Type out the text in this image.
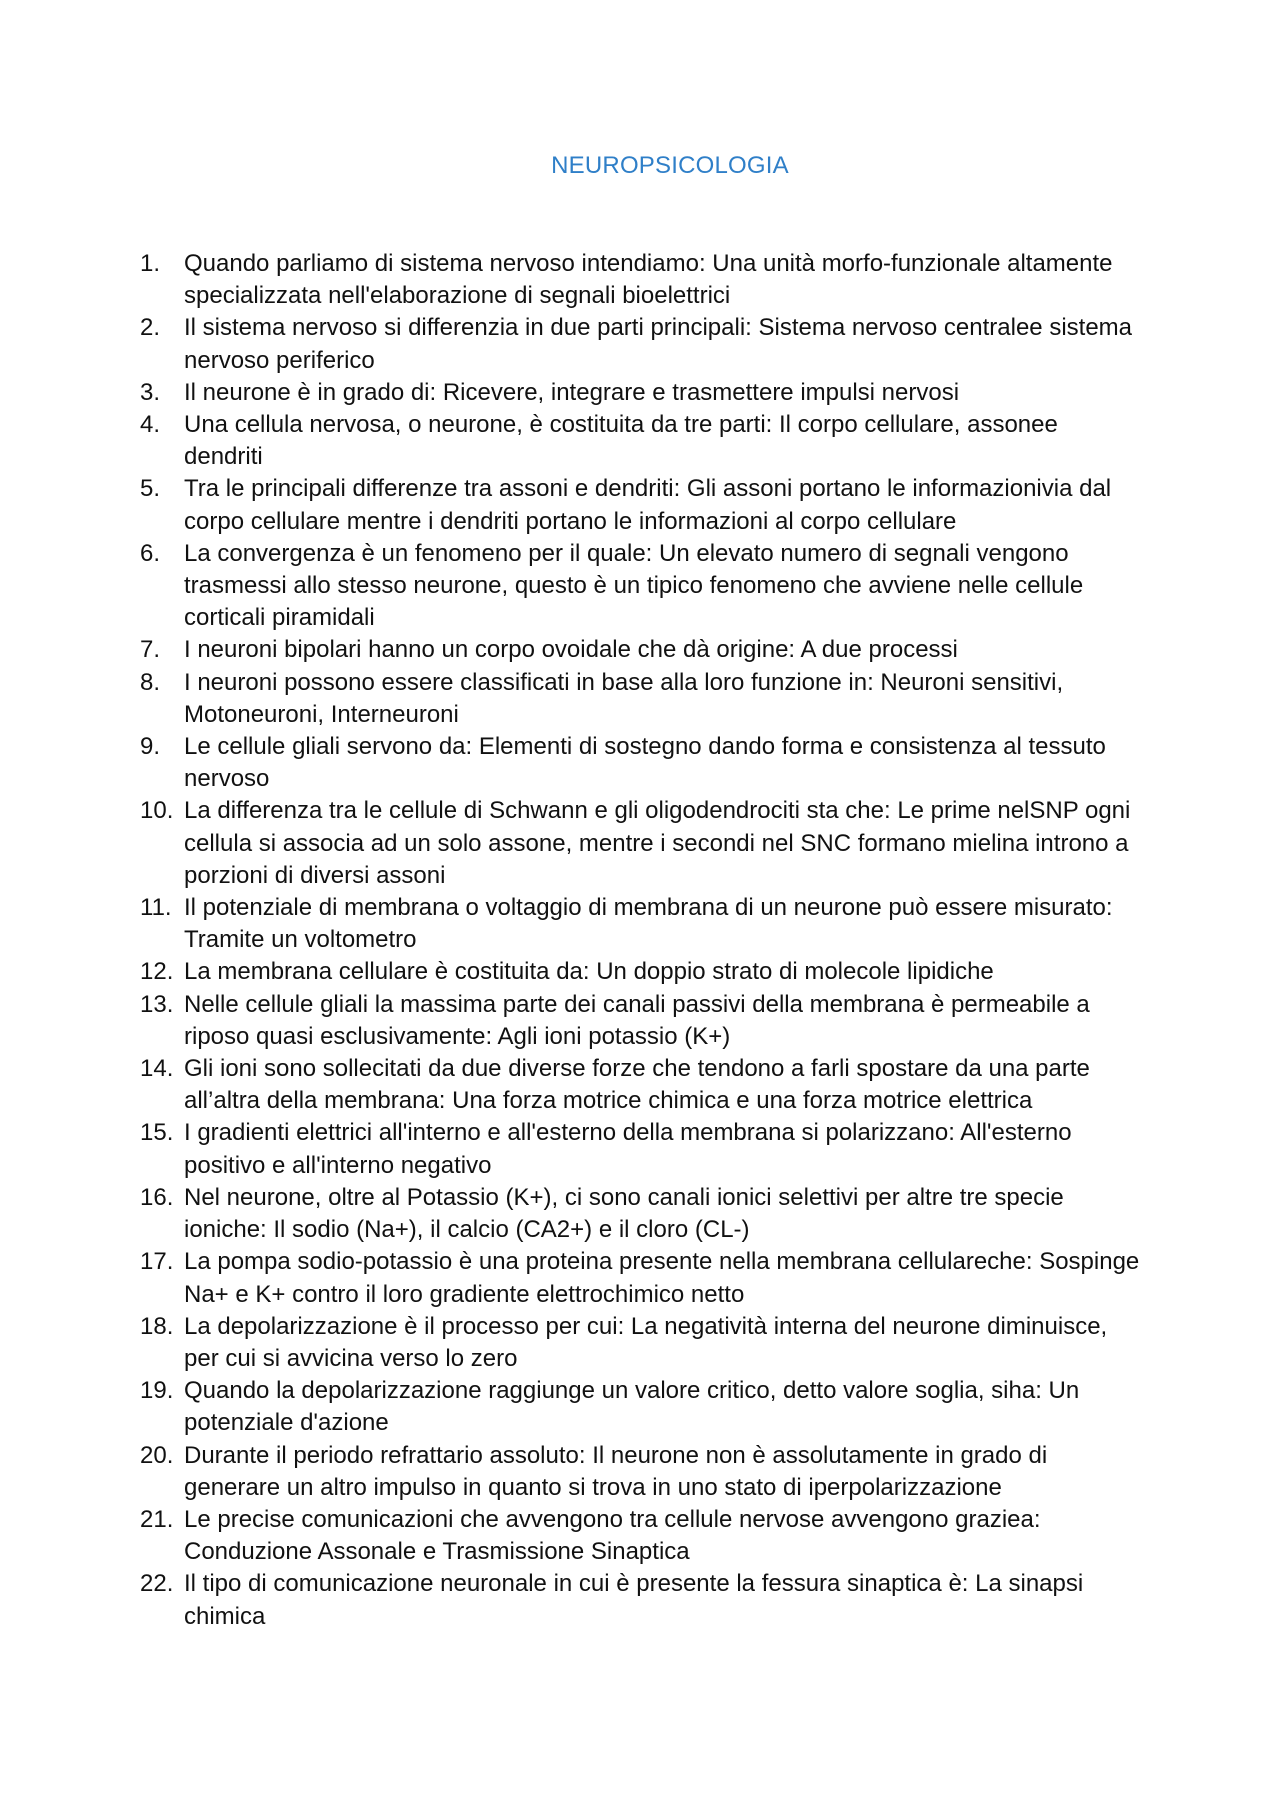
NEUROPSICOLOGIA
1. Quando parliamo di sistema nervoso intendiamo: Una unità morfo-funzionale altamente specializzata nell'elaborazione di segnali bioelettrici
2. Il sistema nervoso si differenzia in due parti principali: Sistema nervoso centralee sistema nervoso periferico
3. Il neurone è in grado di: Ricevere, integrare e trasmettere impulsi nervosi
4. Una cellula nervosa, o neurone, è costituita da tre parti: Il corpo cellulare, assonee dendriti
5. Tra le principali differenze tra assoni e dendriti: Gli assoni portano le informazionivia dal corpo cellulare mentre i dendriti portano le informazioni al corpo cellulare
6. La convergenza è un fenomeno per il quale: Un elevato numero di segnali vengono trasmessi allo stesso neurone, questo è un tipico fenomeno che avviene nelle cellule corticali piramidali
7. I neuroni bipolari hanno un corpo ovoidale che dà origine: A due processi
8. I neuroni possono essere classificati in base alla loro funzione in: Neuroni sensitivi, Motoneuroni, Interneuroni
9. Le cellule gliali servono da: Elementi di sostegno dando forma e consistenza al tessuto nervoso
10. La differenza tra le cellule di Schwann e gli oligodendrociti sta che: Le prime nelSNP ogni cellula si associa ad un solo assone, mentre i secondi nel SNC formano mielina introno a porzioni di diversi assoni
11. Il potenziale di membrana o voltaggio di membrana di un neurone può essere misurato: Tramite un voltometro
12. La membrana cellulare è costituita da: Un doppio strato di molecole lipidiche
13. Nelle cellule gliali la massima parte dei canali passivi della membrana è permeabile a riposo quasi esclusivamente: Agli ioni potassio (K+)
14. Gli ioni sono sollecitati da due diverse forze che tendono a farli spostare da una parte all’altra della membrana: Una forza motrice chimica e una forza motrice elettrica
15. I gradienti elettrici all'interno e all'esterno della membrana si polarizzano: All'esterno positivo e all'interno negativo
16. Nel neurone, oltre al Potassio (K+), ci sono canali ionici selettivi per altre tre specie ioniche: Il sodio (Na+), il calcio (CA2+) e il cloro (CL-)
17. La pompa sodio-potassio è una proteina presente nella membrana cellulareche: Sospinge Na+ e K+ contro il loro gradiente elettrochimico netto
18. La depolarizzazione è il processo per cui: La negatività interna del neurone diminuisce, per cui si avvicina verso lo zero
19. Quando la depolarizzazione raggiunge un valore critico, detto valore soglia, siha: Un potenziale d'azione
20. Durante il periodo refrattario assoluto: Il neurone non è assolutamente in grado di generare un altro impulso in quanto si trova in uno stato di iperpolarizzazione
21. Le precise comunicazioni che avvengono tra cellule nervose avvengono graziea: Conduzione Assonale e Trasmissione Sinaptica
22. Il tipo di comunicazione neuronale in cui è presente la fessura sinaptica è: La sinapsi chimica
